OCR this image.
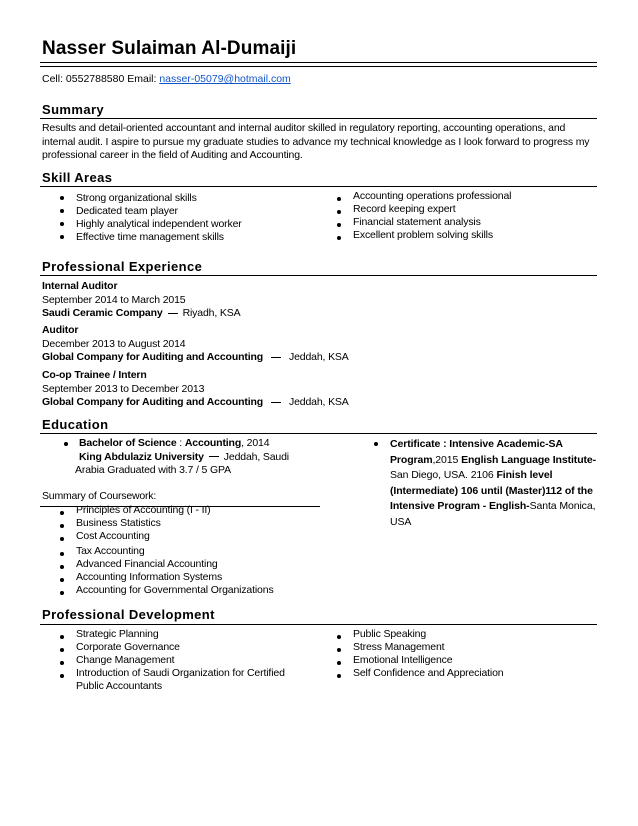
Nasser Sulaiman Al-Dumaiji
Cell: 0552788580 Email: nasser-05079@hotmail.com
Summary
Results and detail-oriented accountant and internal auditor skilled in regulatory reporting, accounting operations, and internal audit. I aspire to pursue my graduate studies to advance my technical knowledge as I look forward to progress my professional career in the field of Auditing and Accounting.
Skill Areas
Strong organizational skills
Dedicated team player
Highly analytical independent worker
Effective time management skills
Accounting operations professional
Record keeping expert
Financial statement analysis
Excellent problem solving skills
Professional Experience
Internal Auditor
September 2014 to March 2015
Saudi Ceramic Company Riyadh, KSA
Auditor
December 2013 to August 2014
Global Company for Auditing and Accounting Jeddah, KSA
Co-op Trainee / Intern
September 2013 to December 2013
Global Company for Auditing and Accounting Jeddah, KSA
Education
Bachelor of Science : Accounting, 2014
King Abdulaziz University Jeddah, Saudi
Arabia Graduated with 3.7 / 5 GPA
Certificate : Intensive Academic-SA Program,2015 English Language Institute-San Diego, USA. 2106 Finish level (Intermediate) 106 until (Master)112 of the Intensive Program - English-Santa Monica, USA
Summary of Coursework:
Principles of Accounting (I - II)
Business Statistics
Cost Accounting
Tax Accounting
Advanced Financial Accounting
Accounting Information Systems
Accounting for Governmental Organizations
Professional Development
Strategic Planning
Corporate Governance
Change Management
Introduction of Saudi Organization for Certified Public Accountants
Public Speaking
Stress Management
Emotional Intelligence
Self Confidence and Appreciation
